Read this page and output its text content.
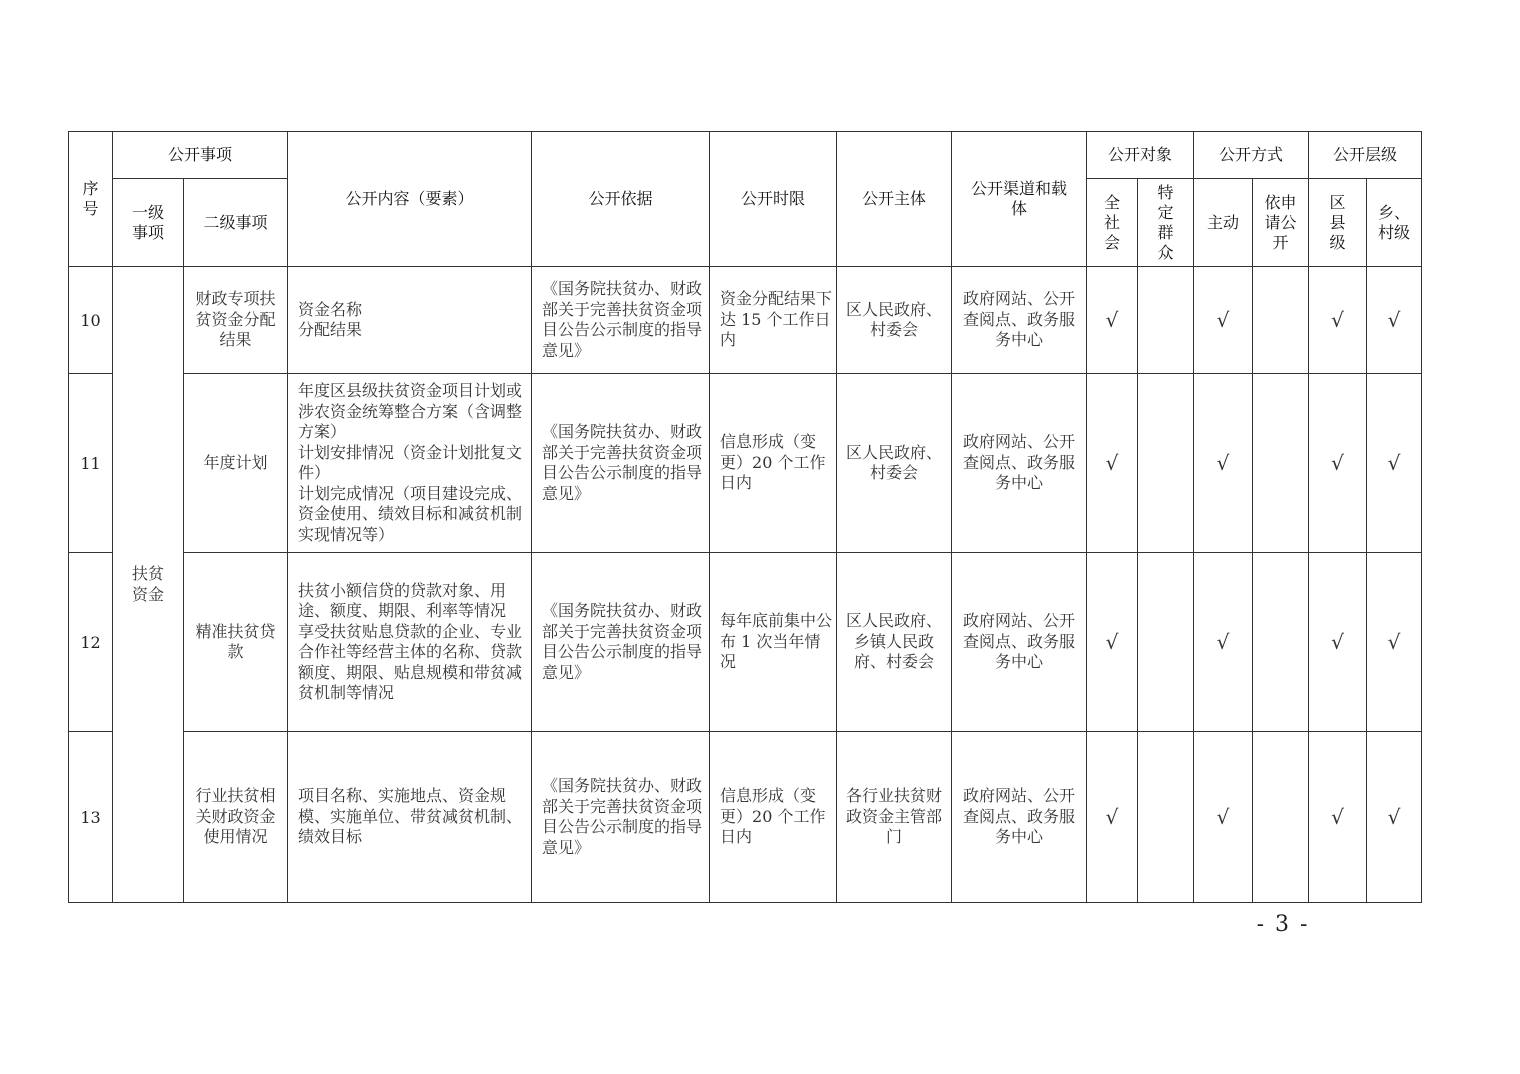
序号	公开事项		公开内容（要素）	公开依据	公开时限	公开主体	公开渠道和载体	公开对象		公开方式		公开层级	
	一级事项	二级事项						全社会	特定群众	主动	依申请公开	区县级	乡、村级
10	扶贫资金	财政专项扶贫资金分配结果	资金名称
分配结果	《国务院扶贫办、财政部关于完善扶贫资金项目公告公示制度的指导意见》	资金分配结果下达 15 个工作日内	区人民政府、村委会	政府网站、公开查阅点、政务服务中心	√		√		√	√
11		年度计划	年度区县级扶贫资金项目计划或涉农资金统筹整合方案（含调整方案）
计划安排情况（资金计划批复文件）
计划完成情况（项目建设完成、资金使用、绩效目标和减贫机制实现情况等）	《国务院扶贫办、财政部关于完善扶贫资金项目公告公示制度的指导意见》	信息形成（变更）20 个工作日内	区人民政府、村委会	政府网站、公开查阅点、政务服务中心	√		√		√	√
12		精准扶贫贷款	扶贫小额信贷的贷款对象、用途、额度、期限、利率等情况
享受扶贫贴息贷款的企业、专业合作社等经营主体的名称、贷款额度、期限、贴息规模和带贫减贫机制等情况	《国务院扶贫办、财政部关于完善扶贫资金项目公告公示制度的指导意见》	每年底前集中公布 1 次当年情况	区人民政府、乡镇人民政府、村委会	政府网站、公开查阅点、政务服务中心	√		√		√	√
13		行业扶贫相关财政资金使用情况	项目名称、实施地点、资金规模、实施单位、带贫减贫机制、绩效目标	《国务院扶贫办、财政部关于完善扶贫资金项目公告公示制度的指导意见》	信息形成（变更）20 个工作日内	各行业扶贫财政资金主管部门	政府网站、公开查阅点、政务服务中心	√		√		√	√
- 3 -
